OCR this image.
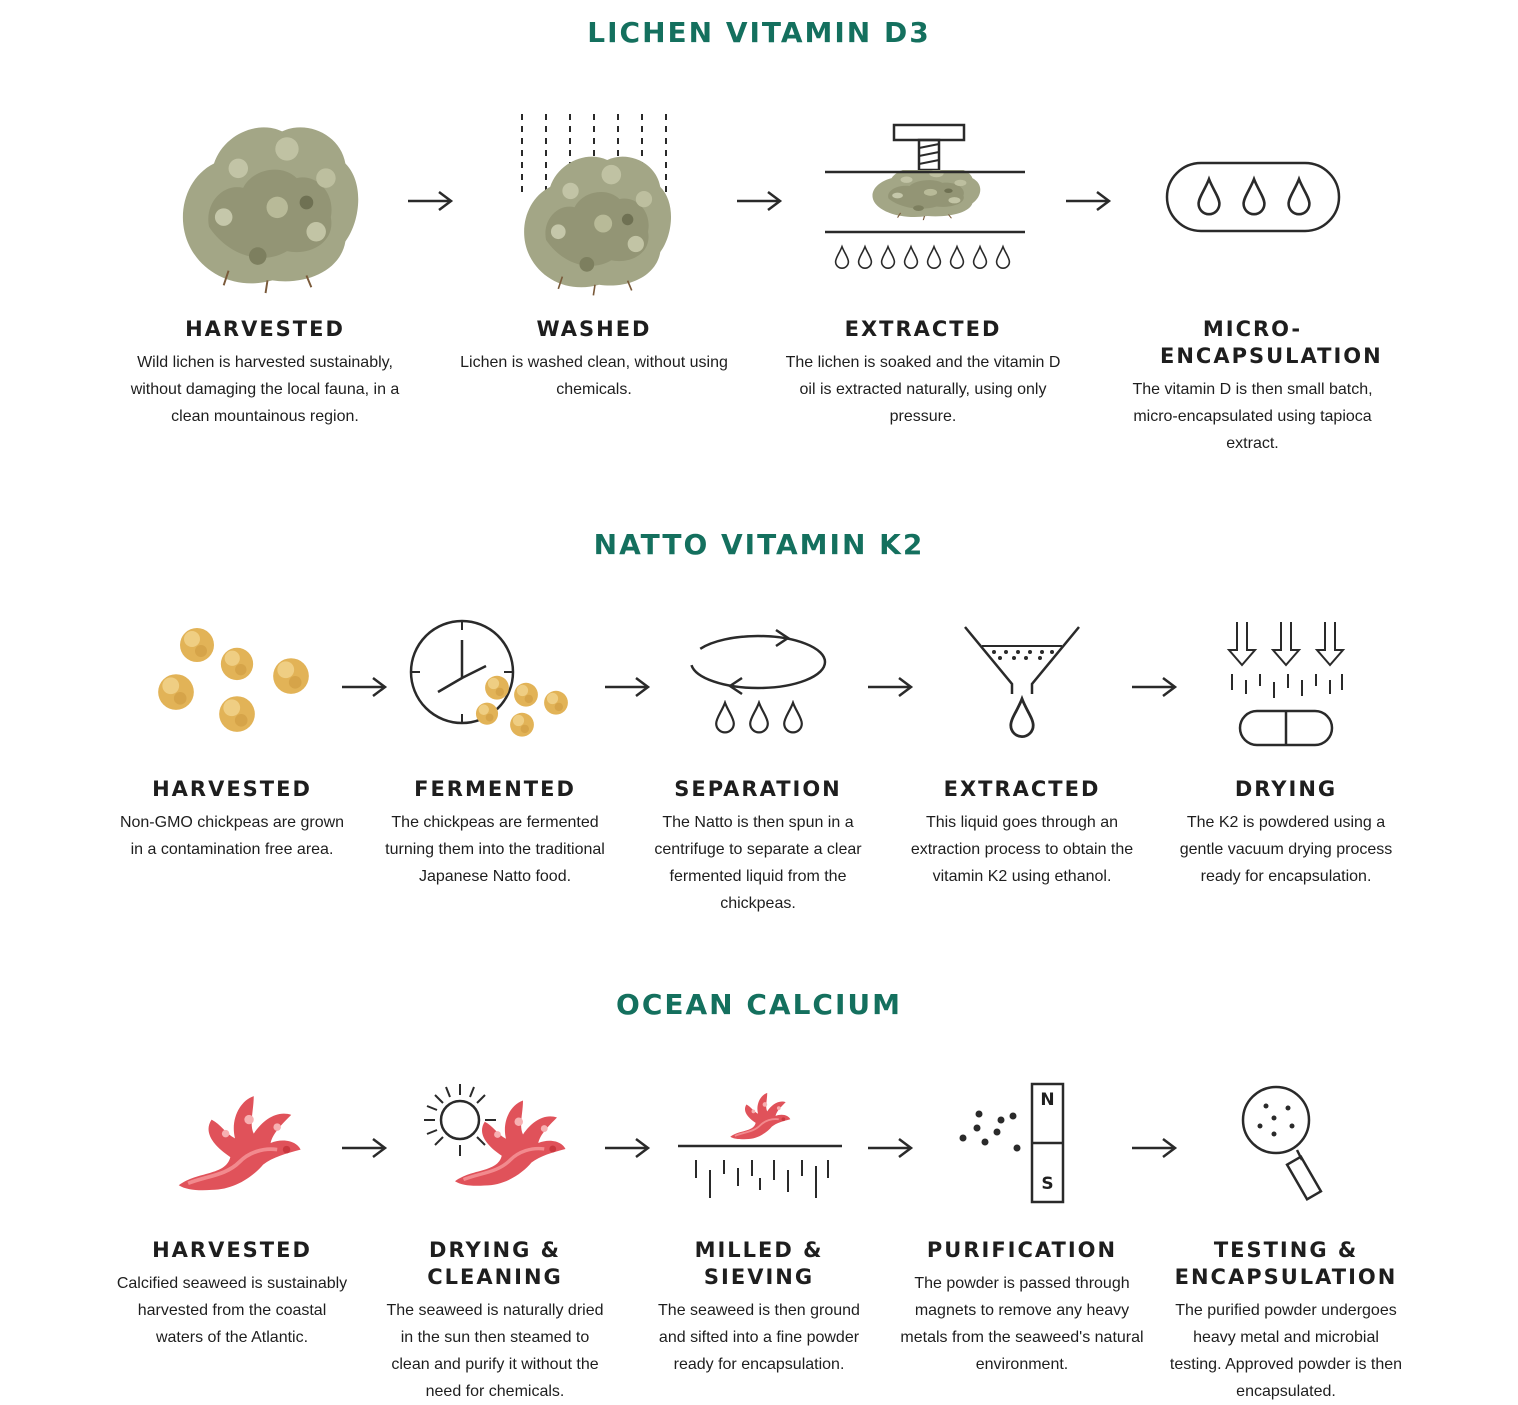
LICHEN VITAMIN D3
HARVESTED

Wild lichen is harvested sustainably, without damaging the local fauna, in a clean mountainous region.

WASHED

Lichen is washed clean, without using chemicals.

EXTRACTED

The lichen is soaked and the vitamin D oil is extracted naturally, using only pressure.

MICRO-ENCAPSULATION

The vitamin D is then small batch, micro-encapsulated using tapioca extract.

NATTO VITAMIN K2
HARVESTED

Non-GMO chickpeas are grown in a contamination free area.

FERMENTED

The chickpeas are fermented turning them into the traditional Japanese Natto food.

SEPARATION

The Natto is then spun in a centrifuge to separate a clear fermented liquid from the chickpeas.

EXTRACTED

This liquid goes through an extraction process to obtain the vitamin K2 using ethanol.

DRYING

The K2 is powdered using a gentle vacuum drying process ready for encapsulation.

OCEAN CALCIUM
N
S
HARVESTED

Calcified seaweed is sustainably harvested from the coastal waters of the Atlantic.

DRYING & CLEANING

The seaweed is naturally dried in the sun then steamed to clean and purify it without the need for chemicals.

MILLED & SIEVING

The seaweed is then ground and sifted into a fine powder ready for encapsulation.

PURIFICATION

The powder is passed through magnets to remove any heavy metals from the seaweed's natural environment.

TESTING & ENCAPSULATION

The purified powder undergoes heavy metal and microbial testing. Approved powder is then encapsulated.
